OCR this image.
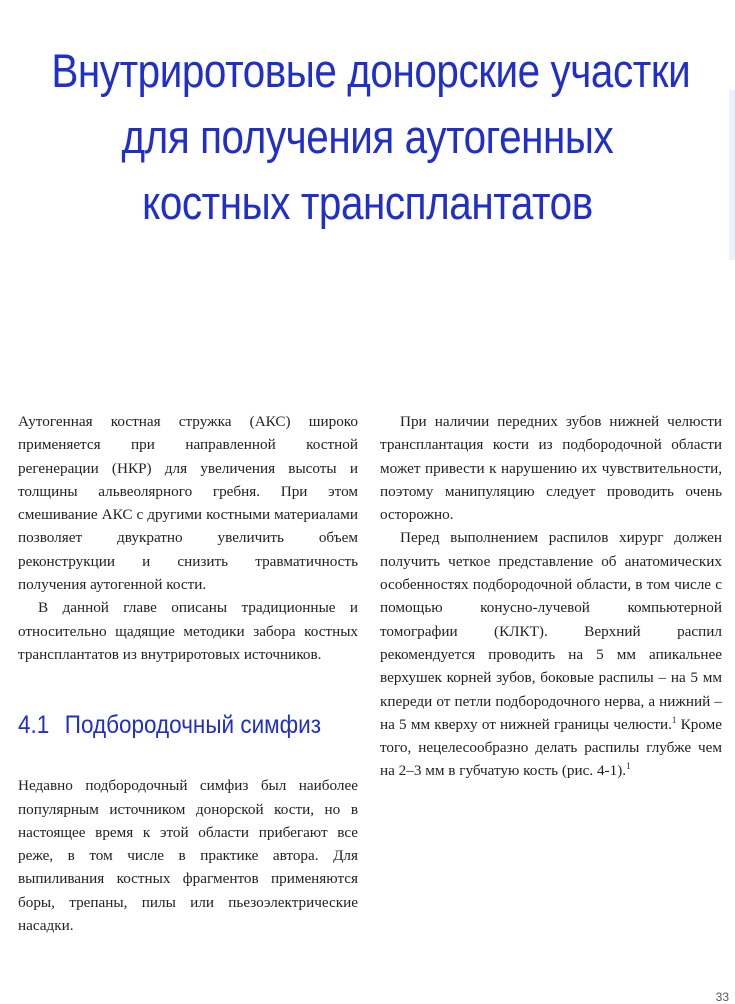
Внутриротовые донорские участки
для получения аутогенных
костных трансплантатов

Аутогенная костная стружка (АКС) широко применяется при направленной костной регенерации (НКР) для увеличения высоты и толщины альвеолярного гребня. При этом смешивание АКС с другими костными материалами позволяет двукратно увеличить объем реконструкции и снизить травматичность получения аутогенной кости.

В данной главе описаны традиционные и относительно щадящие методики забора костных трансплантатов из внутриротовых источников.

4.1 Подбородочный симфиз

Недавно подбородочный симфиз был наиболее популярным источником донорской кости, но в настоящее время к этой области прибегают все реже, в том числе в практике автора. Для выпиливания костных фрагментов применяются боры, трепаны, пилы или пьезоэлектрические насадки.

При наличии передних зубов нижней челюсти трансплантация кости из подбородочной области может привести к нарушению их чувствительности, поэтому манипуляцию следует проводить очень осторожно.

Перед выполнением распилов хирург должен получить четкое представление об анатомических особенностях подбородочной области, в том числе с помощью конусно-лучевой компьютерной томографии (КЛКТ). Верхний распил рекомендуется проводить на 5 мм апикальнее верхушек корней зубов, боковые распилы – на 5 мм кпереди от петли подбородочного нерва, а нижний – на 5 мм кверху от нижней границы челюсти.$^1$ Кроме того, нецелесообразно делать распилы глубже чем на 2–3 мм в губчатую кость (рис. 4-1).$^1$

33
